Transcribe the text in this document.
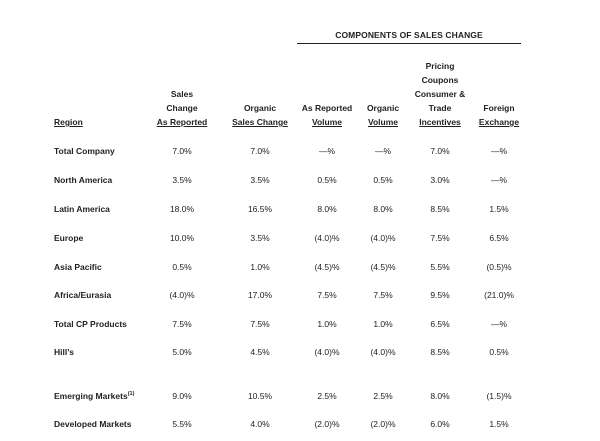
COMPONENTS OF SALES CHANGE
Region
Sales
Change
As Reported
Organic
Sales Change
As Reported
Volume
Organic
Volume
Pricing
Coupons
Consumer &
Trade
Incentives
Foreign
Exchange
Total Company	7.0%	7.0%	—%	—%	7.0%	—%
North America	3.5%	3.5%	0.5%	0.5%	3.0%	—%
Latin America	18.0%	16.5%	8.0%	8.0%	8.5%	1.5%
Europe	10.0%	3.5%	(4.0)%	(4.0)%	7.5%	6.5%
Asia Pacific	0.5%	1.0%	(4.5)%	(4.5)%	5.5%	(0.5)%
Africa/Eurasia	(4.0)%	17.0%	7.5%	7.5%	9.5%	(21.0)%
Total CP Products	7.5%	7.5%	1.0%	1.0%	6.5%	—%
Hill’s	5.0%	4.5%	(4.0)%	(4.0)%	8.5%	0.5%
Emerging Markets$^{(1)}$	9.0%	10.5%	2.5%	2.5%	8.0%	(1.5)%
Developed Markets	5.5%	4.0%	(2.0)%	(2.0)%	6.0%	1.5%
